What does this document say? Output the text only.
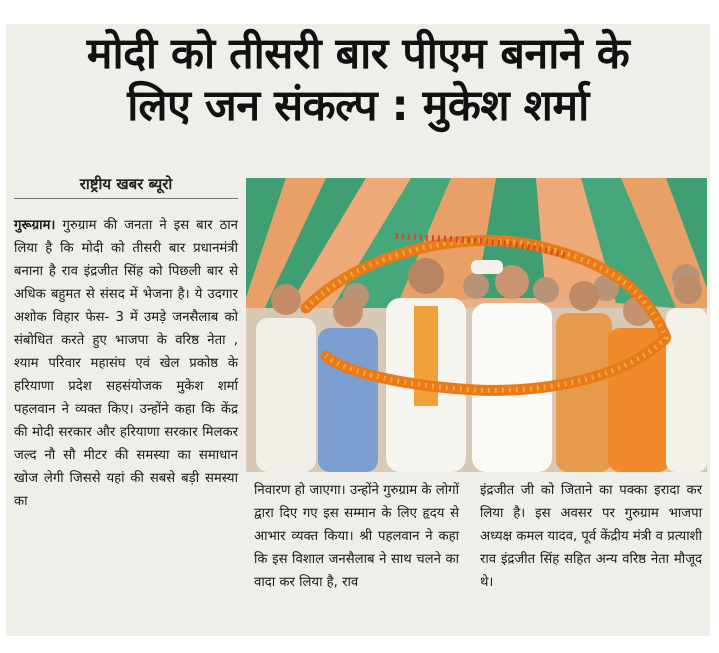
मोदी को तीसरी बार पीएम बनाने के
लिए जन संकल्प : मुकेश शर्मा
राष्ट्रीय खबर ब्यूरो
गुरूग्राम। गुरुग्राम की जनता ने इस बार ठान लिया है कि मोदी को तीसरी बार प्रधानमंत्री बनाना है राव इंद्रजीत सिंह को पिछली बार से अधिक बहुमत से संसद में भेजना है। ये उदगार अशोक विहार फेस- 3 में उमड़े जनसैलाब को संबोधित करते हुए भाजपा के वरिष्ठ नेता , श्याम परिवार महासंघ एवं खेल प्रकोष्ठ के हरियाणा प्रदेश सहसंयोजक मुकेश शर्मा पहलवान ने व्यक्त किए। उन्होंने कहा कि केंद्र की मोदी सरकार और हरियाणा सरकार मिलकर जल्द नौ सौ मीटर की समस्या का समाधान खोज लेगी जिससे यहां की सबसे बड़ी समस्या का
निवारण हो जाएगा। उन्होंने गुरुग्राम के लोगों द्वारा दिए गए इस सम्मान के लिए हृदय से आभार व्यक्त किया। श्री पहलवान ने कहा कि इस विशाल जनसैलाब ने साथ चलने का वादा कर लिया है, राव
इंद्रजीत जी को जिताने का पक्का इरादा कर लिया है। इस अवसर पर गुरुग्राम भाजपा अध्यक्ष कमल यादव, पूर्व केंद्रीय मंत्री व प्रत्याशी राव इंद्रजीत सिंह सहित अन्य वरिष्ठ नेता मौजूद थे।
